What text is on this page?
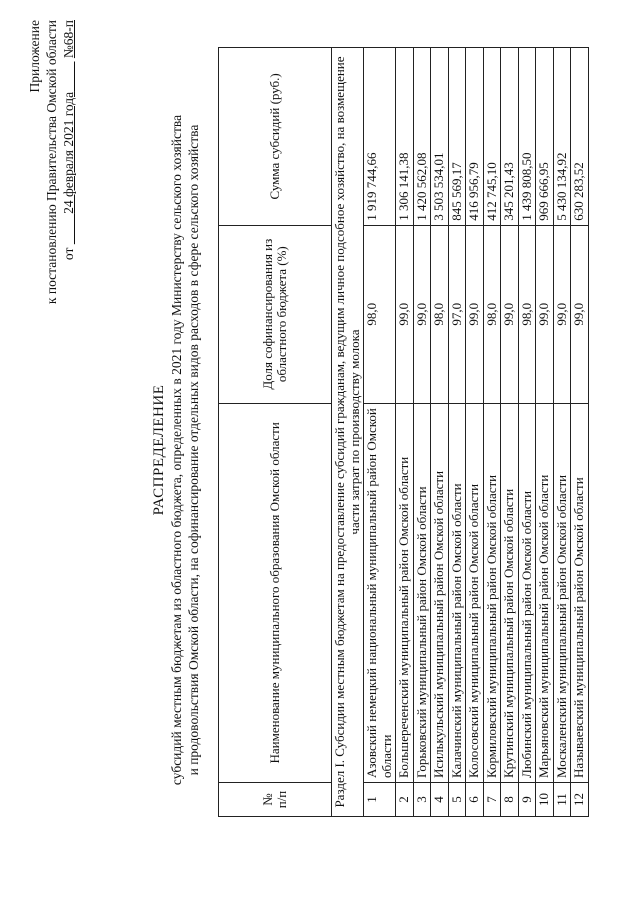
Приложение к постановлению Правительства Омской области от          24 февраля 2021 года          №68-п
РАСПРЕДЕЛЕНИЕ субсидий местным бюджетам из областного бюджета, определенных в 2021 году Министерству сельского хозяйства и продовольствия Омской области, на софинансирование отдельных видов расходов в сфере сельского хозяйства
№ п/п	Наименование муниципального образования Омской области	Доля софинансирования из областного бюджета (%)	Сумма субсидий (руб.)
Раздел I. Субсидии местным бюджетам на предоставление субсидий гражданам, ведущим личное подсобное хозяйство, на возмещение части затрат по производству молока			
1	Азовский немецкий национальный муниципальный район Омской области	98,0	1 919 744,66
2	Большереченский муниципальный район Омской области	99,0	1 306 141,38
3	Горьковский муниципальный район Омской области	99,0	1 420 562,08
4	Исилькульский муниципальный район Омской области	98,0	3 503 534,01
5	Калачинский муниципальный район Омской области	97,0	845 569,17
6	Колосовский муниципальный район Омской области	99,0	416 956,79
7	Кормиловский муниципальный район Омской области	98,0	412 745,10
8	Крутинский муниципальный район Омской области	99,0	345 201,43
9	Любинский муниципальный район Омской области	98,0	1 439 808,50
10	Марьяновский муниципальный район Омской области	99,0	969 666,95
11	Москаленский муниципальный район Омской области	99,0	5 430 134,92
12	Называевский муниципальный район Омской области	99,0	630 283,52
